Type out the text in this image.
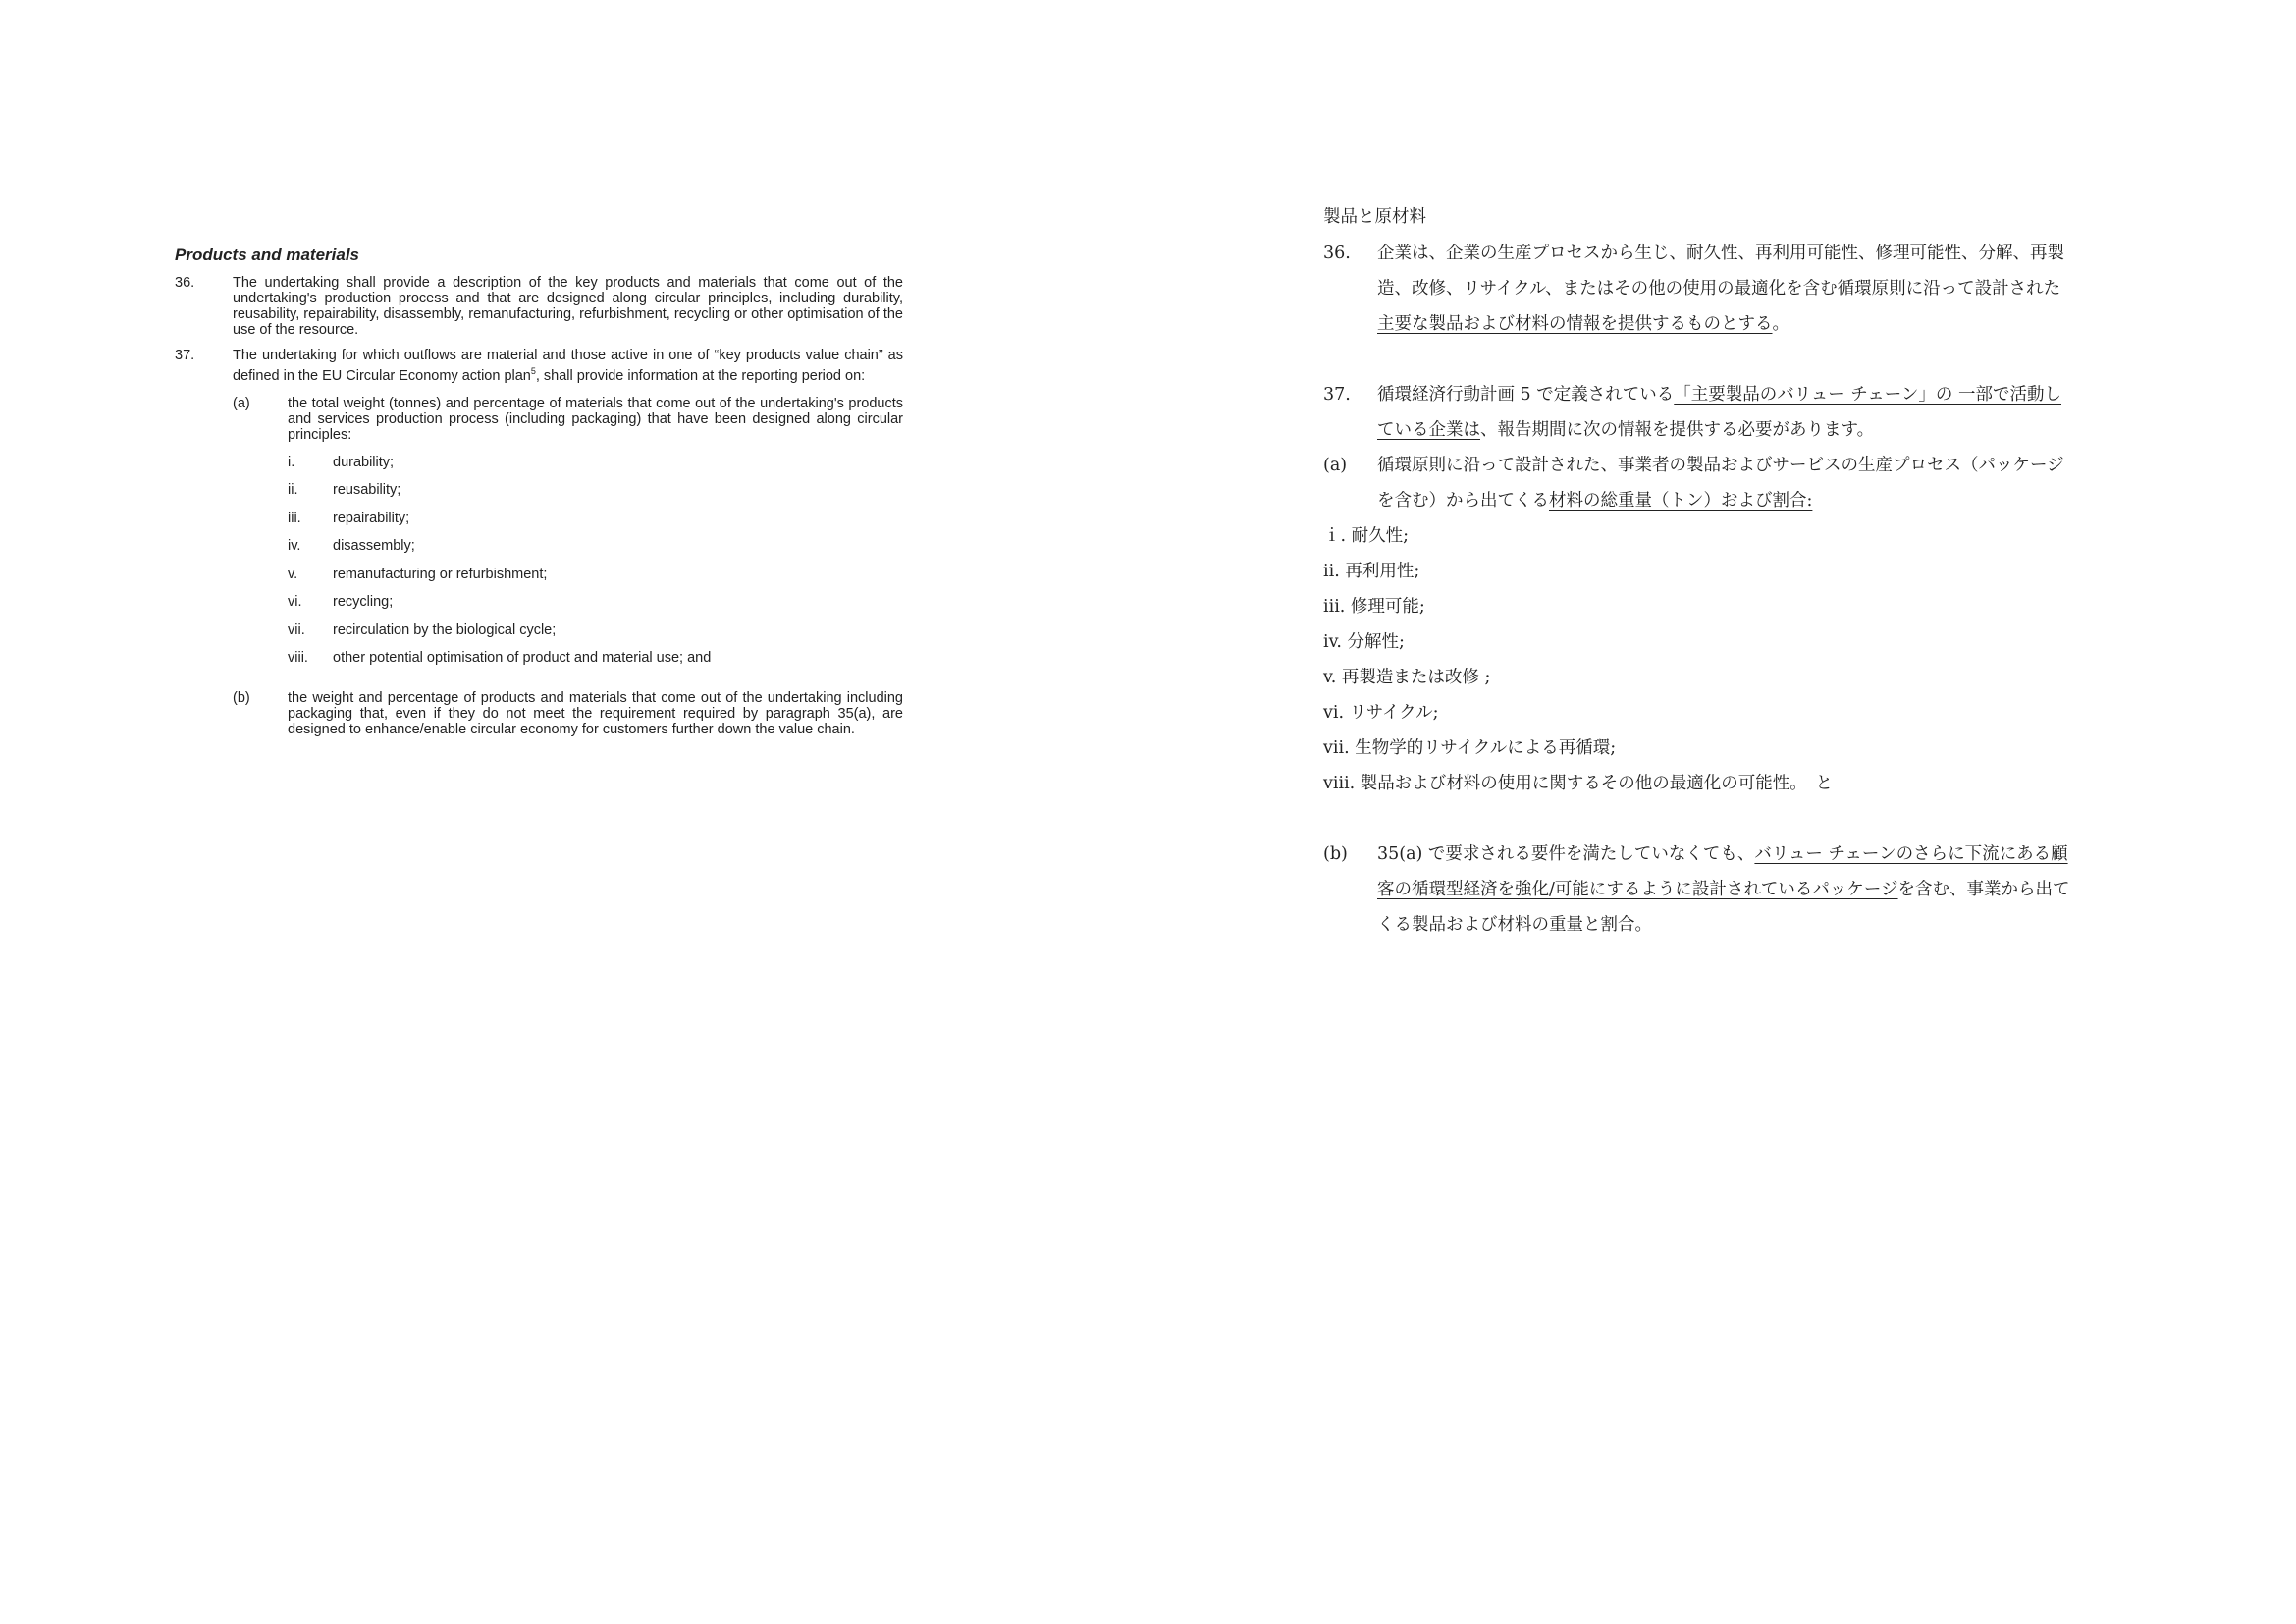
Products and materials

36.	The undertaking shall provide a description of the key products and materials that come out of the undertaking's production process and that are designed along circular principles, including durability, reusability, repairability, disassembly, remanufacturing, refurbishment, recycling or other optimisation of the use of the resource.
37.	The undertaking for which outflows are material and those active in one of “key products value chain” as defined in the EU Circular Economy action plan$^5$, shall provide information at the reporting period on:
(a)	the total weight (tonnes) and percentage of materials that come out of the undertaking's products and services production process (including packaging) that have been designed along circular principles:
i.	durability;
ii. reusability;
iii. repairability;
iv. disassembly;
v. remanufacturing or refurbishment;
vi. recycling;
vii. recirculation by the biological cycle;
viii. other potential optimisation of product and material use; and
(b)	the weight and percentage of products and materials that come out of the undertaking including packaging that, even if they do not meet the requirement required by paragraph 35(a), are designed to enhance/enable circular economy for customers further down the value chain.

製品と原材料

36. 企業は、企業の生産プロセスから生じ、耐久性、再利用可能性、修理可能性、分解、再製造、改修、リサイクル、またはその他の使用の最適化を含む循環原則に沿って設計された主要な製品および材料の情報を提供するものとする。
37. 循環経済行動計画 5 で定義されている「主要製品のバリュー チェーン」の 一部で活動している企業は、報告期間に次の情報を提供する必要があります。
(a) 循環原則に沿って設計された、事業者の製品およびサービスの生産プロセス（パッケージを含む）から出てくる材料の総重量（トン）および割合:

ｉ. 耐久性;

ii. 再利用性;

iii. 修理可能;

iv. 分解性;

v. 再製造または改修 ;

vi. リサイクル;

vii. 生物学的リサイクルによる再循環;

ⅷ. 製品および材料の使用に関するその他の最適化の可能性。　と

(b) 35(a) で要求される要件を満たしていなくても、バリュー チェーンのさらに下流にある顧客の循環型経済を強化/可能にするように設計されているパッケージを含む、事業から出てくる製品および材料の重量と割合。
